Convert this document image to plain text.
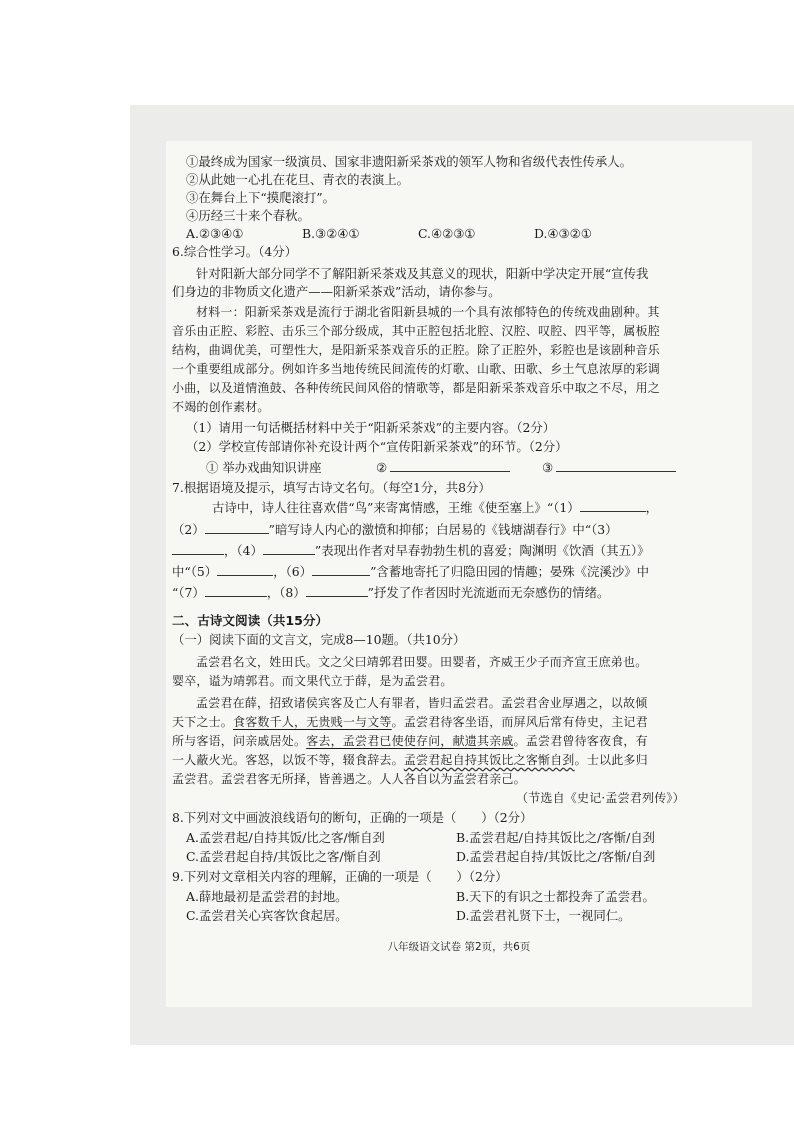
①最终成为国家一级演员、国家非遗阳新采茶戏的领军人物和省级代表性传承人。
②从此她一心扎在花旦、青衣的表演上。
③在舞台上下“摸爬滚打”。
④历经三十来个春秋。
A.②③④①	B.③②④①	C.④②③①	D.④③②①
6.综合性学习。（4分）
针对阳新大部分同学不了解阳新采茶戏及其意义的现状，阳新中学决定开展“宣传我
们身边的非物质文化遗产——阳新采茶戏”活动，请你参与。
材料一：阳新采茶戏是流行于湖北省阳新县城的一个具有浓郁特色的传统戏曲剧种。其
音乐由正腔、彩腔、击乐三个部分级成，其中正腔包括北腔、汉腔、叹腔、四平等，属板腔
结构，曲调优美，可塑性大，是阳新采茶戏音乐的正腔。除了正腔外，彩腔也是该剧种音乐
一个重要组成部分。例如许多当地传统民间流传的灯歌、山歌、田歌、乡土气息浓厚的彩调
小曲，以及道情渔鼓、各种传统民间风俗的情歌等，都是阳新采茶戏音乐中取之不尽，用之
不竭的创作素材。
（1）请用一句话概括材料中关于“阳新采茶戏”的主要内容。（2分）
（2）学校宣传部请你补充设计两个“宣传阳新采茶戏”的环节。（2分）
① 举办戏曲知识讲座	②	③
7.根据语境及提示，填写古诗文名句。（每空1分，共8分）
古诗中，诗人往往喜欢借“鸟”来寄寓情感，王维《使至塞上》“（1）	，
（2）	”暗写诗人内心的激愤和抑郁；白居易的《钱塘湖春行》中“（3）
，（4）	”表现出作者对早春勃勃生机的喜爱；陶渊明《饮酒（其五）》
中“（5）	，（6）	”含蓄地寄托了归隐田园的情趣；晏殊《浣溪沙》中
“（7）	，（8）	”抒发了作者因时光流逝而无奈感伤的情绪。
二、古诗文阅读（共15分）
（一）阅读下面的文言文，完成8—10题。（共10分）
孟尝君名文，姓田氏。文之父曰靖郭君田婴。田婴者，齐威王少子而齐宣王庶弟也。
婴卒，谥为靖郭君。而文果代立于薛，是为孟尝君。
孟尝君在薛，招致诸侯宾客及亡人有罪者，皆归孟尝君。孟尝君舍业厚遇之，以故倾
天下之士。食客数千人，无贵贱一与文等。孟尝君待客坐语，而屏风后常有侍史，主记君
所与客语，问亲戚居处。客去，孟尝君已使使存问，献遗其亲戚。孟尝君曾待客夜食，有
一人蔽火光。客怒，以饭不等，辍食辞去。孟尝君起自持其饭比之客惭自刭。士以此多归
孟尝君。孟尝君客无所择，皆善遇之。人人各自以为孟尝君亲己。
（节选自《史记·孟尝君列传》）
8.下列对文中画波浪线语句的断句，正确的一项是（　　）（2分）
A.孟尝君起/自持其饭/比之客/惭自刭	B.孟尝君起/自持其饭比之/客惭/自刭
C.孟尝君起自持/其饭比之客/惭自刭	D.孟尝君起自持/其饭比之/客惭/自刭
9.下列对文章相关内容的理解，正确的一项是（　　）（2分）
A.薛地最初是孟尝君的封地。	B.天下的有识之士都投奔了孟尝君。
C.孟尝君关心宾客饮食起居。	D.孟尝君礼贤下士，一视同仁。
八年级语文试卷 第2页，共6页
